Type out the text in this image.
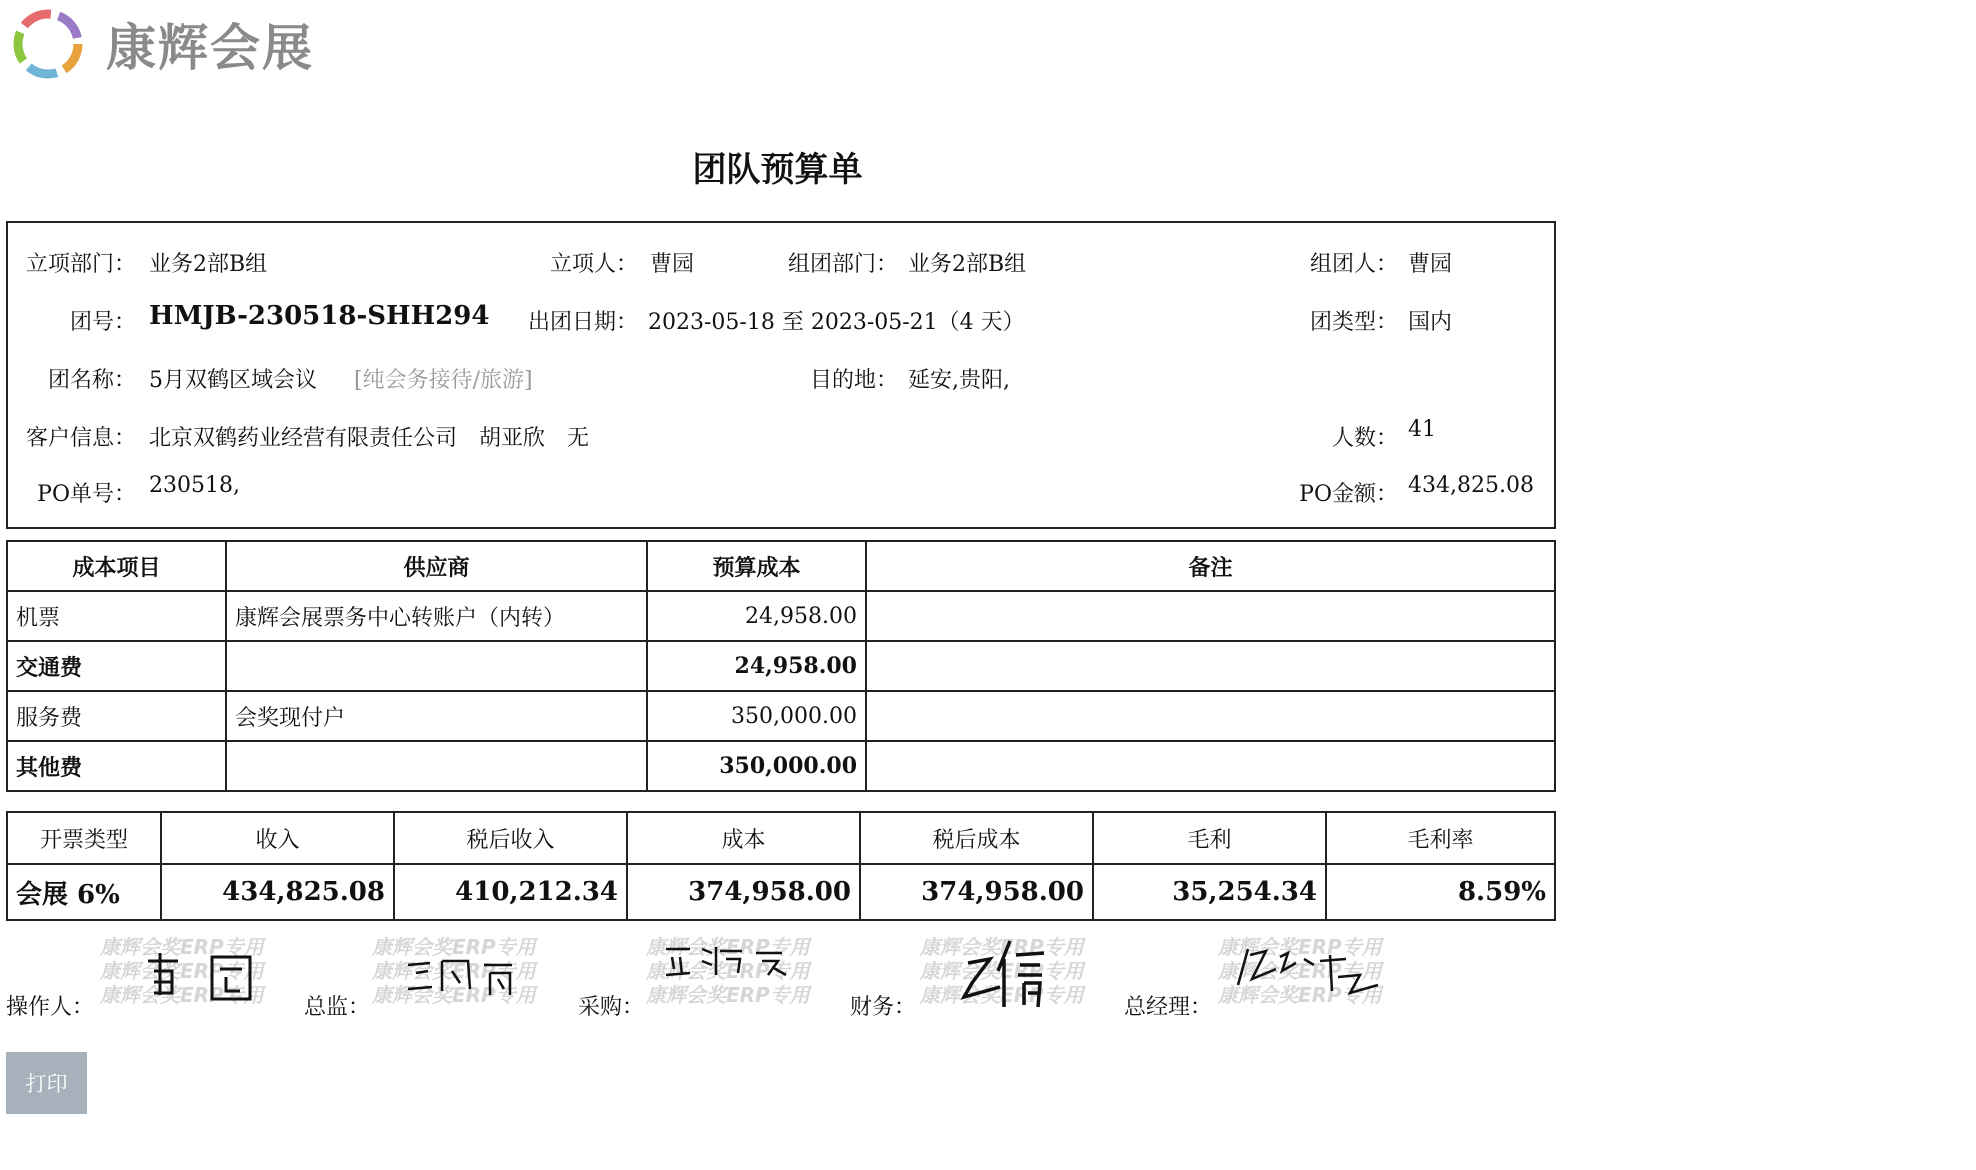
康辉会展
团队预算单
立项部门： 业务2部B组	立项人： 曹园	组团部门： 业务2部B组	组团人： 曹园
团号： HMJB-230518-SHH294	出团日期： 2023-05-18 至 2023-05-21（4 天）	团类型： 国内
团名称： 5月双鹤区域会议 [纯会务接待/旅游]	目的地： 延安,贵阳,
客户信息： 北京双鹤药业经营有限责任公司　胡亚欣　无	人数： 41
PO单号： 230518,	PO金额： 434,825.08
成本项目	供应商	预算成本	备注
机票	康辉会展票务中心转账户（内转）	24,958.00	
交通费		24,958.00	
服务费	会奖现付户	350,000.00	
其他费		350,000.00	
开票类型	收入	税后收入	成本	税后成本	毛利	毛利率
会展 6%	434,825.08	410,212.34	374,958.00	374,958.00	35,254.34	8.59%
操作人：
康辉会奖ERP专用
康辉会奖ERP专用
康辉会奖ERP专用	总监：
康辉会奖ERP专用
康辉会奖ERP专用
康辉会奖ERP专用	采购：
康辉会奖ERP专用
康辉会奖ERP专用
康辉会奖ERP专用	财务：
康辉会奖ERP专用
康辉会奖ERP专用
康辉会奖ERP专用	总经理：
康辉会奖ERP专用
康辉会奖ERP专用
康辉会奖ERP专用
打印
